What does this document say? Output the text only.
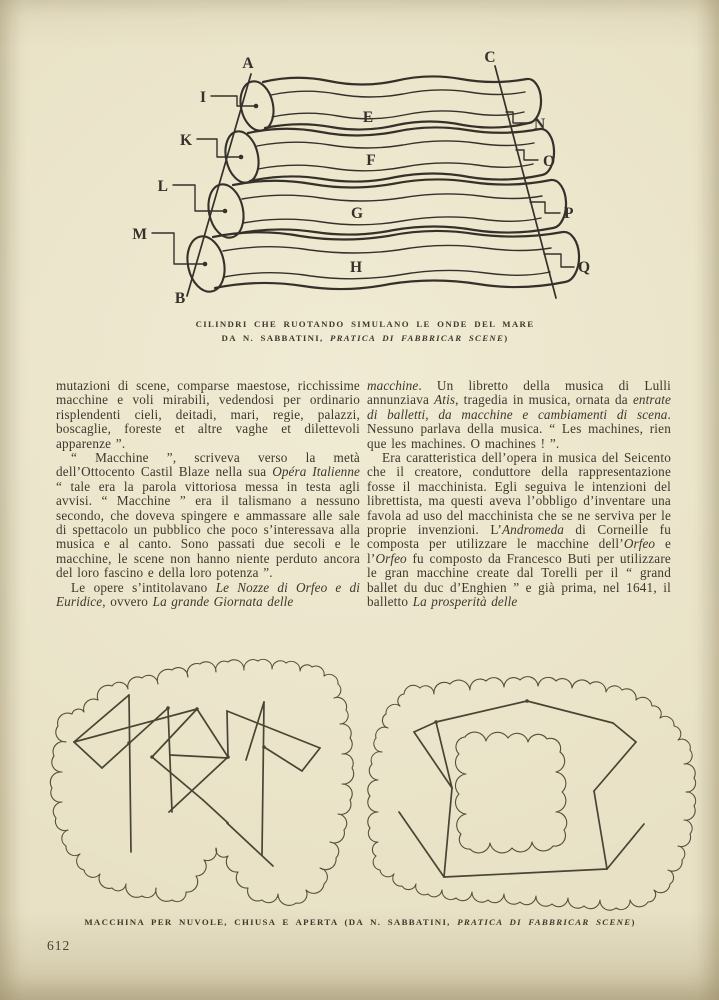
A
B
C
I
K
L
M
E
F
G
H
N
O
P
Q
CILINDRI CHE RUOTANDO SIMULANO LE ONDE DEL MARE
DA N. SABBATINI, PRATICA DI FABBRICAR SCENE)

mutazioni di scene, comparse maestose, ricchissime macchine e voli mirabili, vedendosi per ordinario risplendenti cieli, deitadi, mari, regie, palazzi, boscaglie, foreste et altre vaghe et dilettevoli apparenze ”.

“ Macchine ”, scriveva verso la metà dell’Ottocento Castil Blaze nella sua Opéra Italienne “ tale era la parola vittoriosa messa in testa agli avvisi. “ Macchine ” era il talismano a nessuno secondo, che doveva spingere e ammassare alle sale di spettacolo un pubblico che poco s’interessava alla musica e al canto. Sono passati due secoli e le macchine, le scene non hanno niente perduto ancora del loro fascino e della loro potenza ”.

Le opere s’intitolavano Le Nozze di Orfeo e di Euridice, ovvero La grande Giornata delle

macchine. Un libretto della musica di Lulli annunziava Atis, tragedia in musica, ornata da entrate di balletti, da macchine e cambiamenti di scena. Nessuno parlava della musica. “ Les machines, rien que les machines. O machines ! ”.

Era caratteristica dell’opera in musica del Seicento che il creatore, conduttore della rappresentazione fosse il macchinista. Egli seguiva le intenzioni del librettista, ma questi aveva l’obbligo d’inventare una favola ad uso del macchinista che se ne serviva per le proprie invenzioni. L’Andromeda di Corneille fu composta per utilizzare le macchine dell’Orfeo e l’Orfeo fu composto da Francesco Buti per utilizzare le gran macchine create dal Torelli per il “ grand ballet du duc d’Enghien ” e già prima, nel 1641, il balletto La prosperità delle

MACCHINA PER NUVOLE, CHIUSA E APERTA (DA N. SABBATINI, PRATICA DI FABBRICAR SCENE)
612
